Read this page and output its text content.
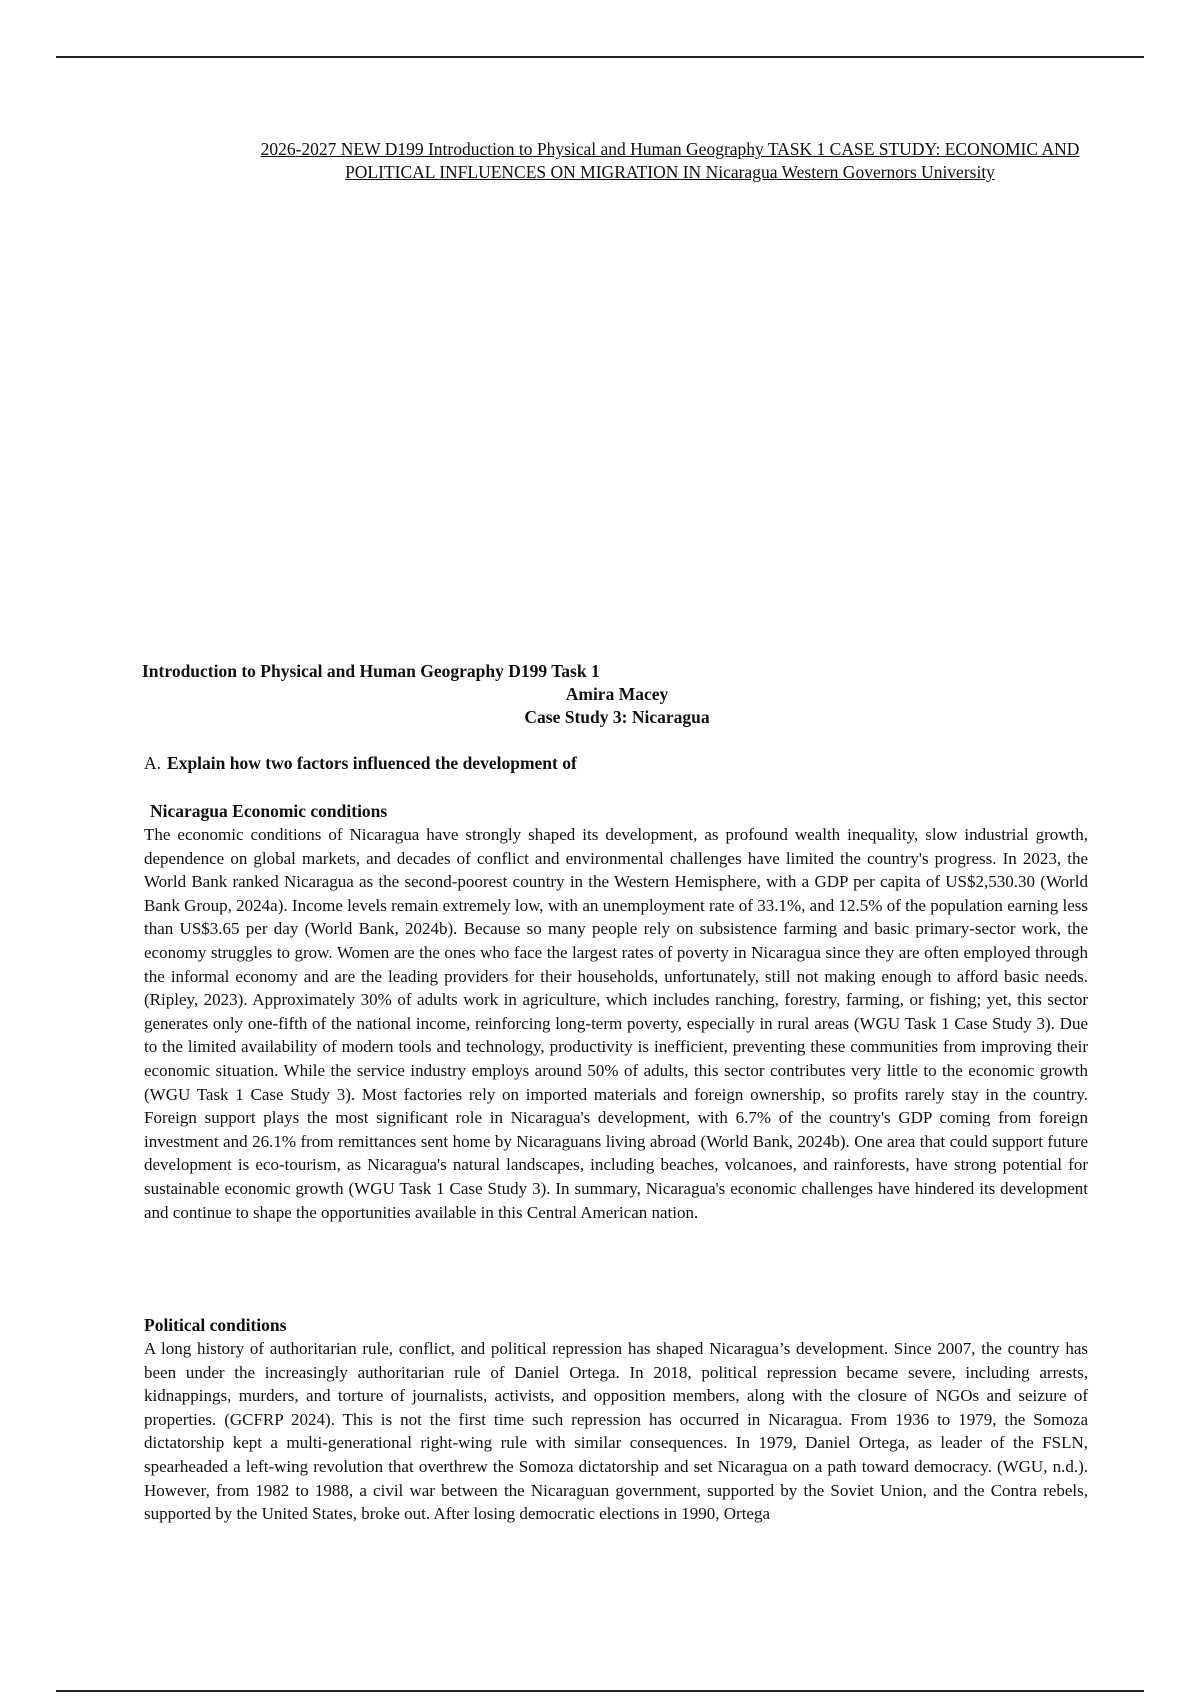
2026-2027 NEW D199 Introduction to Physical and Human Geography TASK 1 CASE STUDY: ECONOMIC AND POLITICAL INFLUENCES ON MIGRATION IN Nicaragua Western Governors University
Introduction to Physical and Human Geography D199 Task 1
Amira Macey
Case Study 3: Nicaragua
A. Explain how two factors influenced the development of
Nicaragua Economic conditions

The economic conditions of Nicaragua have strongly shaped its development, as profound wealth inequality, slow industrial growth, dependence on global markets, and decades of conflict and environmental challenges have limited the country's progress. In 2023, the World Bank ranked Nicaragua as the second-poorest country in the Western Hemisphere, with a GDP per capita of US$2,530.30 (World Bank Group, 2024a). Income levels remain extremely low, with an unemployment rate of 33.1%, and 12.5% of the population earning less than US$3.65 per day (World Bank, 2024b). Because so many people rely on subsistence farming and basic primary-sector work, the economy struggles to grow. Women are the ones who face the largest rates of poverty in Nicaragua since they are often employed through the informal economy and are the leading providers for their households, unfortunately, still not making enough to afford basic needs. (Ripley, 2023). Approximately 30% of adults work in agriculture, which includes ranching, forestry, farming, or fishing; yet, this sector generates only one-fifth of the national income, reinforcing long-term poverty, especially in rural areas (WGU Task 1 Case Study 3). Due to the limited availability of modern tools and technology, productivity is inefficient, preventing these communities from improving their economic situation. While the service industry employs around 50% of adults, this sector contributes very little to the economic growth (WGU Task 1 Case Study 3). Most factories rely on imported materials and foreign ownership, so profits rarely stay in the country. Foreign support plays the most significant role in Nicaragua's development, with 6.7% of the country's GDP coming from foreign investment and 26.1% from remittances sent home by Nicaraguans living abroad (World Bank, 2024b). One area that could support future development is eco-tourism, as Nicaragua's natural landscapes, including beaches, volcanoes, and rainforests, have strong potential for sustainable economic growth (WGU Task 1 Case Study 3). In summary, Nicaragua's economic challenges have hindered its development and continue to shape the opportunities available in this Central American nation.

Political conditions

A long history of authoritarian rule, conflict, and political repression has shaped Nicaragua’s development. Since 2007, the country has been under the increasingly authoritarian rule of Daniel Ortega. In 2018, political repression became severe, including arrests, kidnappings, murders, and torture of journalists, activists, and opposition members, along with the closure of NGOs and seizure of properties. (GCFRP 2024). This is not the first time such repression has occurred in Nicaragua. From 1936 to 1979, the Somoza dictatorship kept a multi-generational right-wing rule with similar consequences. In 1979, Daniel Ortega, as leader of the FSLN, spearheaded a left-wing revolution that overthrew the Somoza dictatorship and set Nicaragua on a path toward democracy. (WGU, n.d.). However, from 1982 to 1988, a civil war between the Nicaraguan government, supported by the Soviet Union, and the Contra rebels, supported by the United States, broke out. After losing democratic elections in 1990, Ortega
